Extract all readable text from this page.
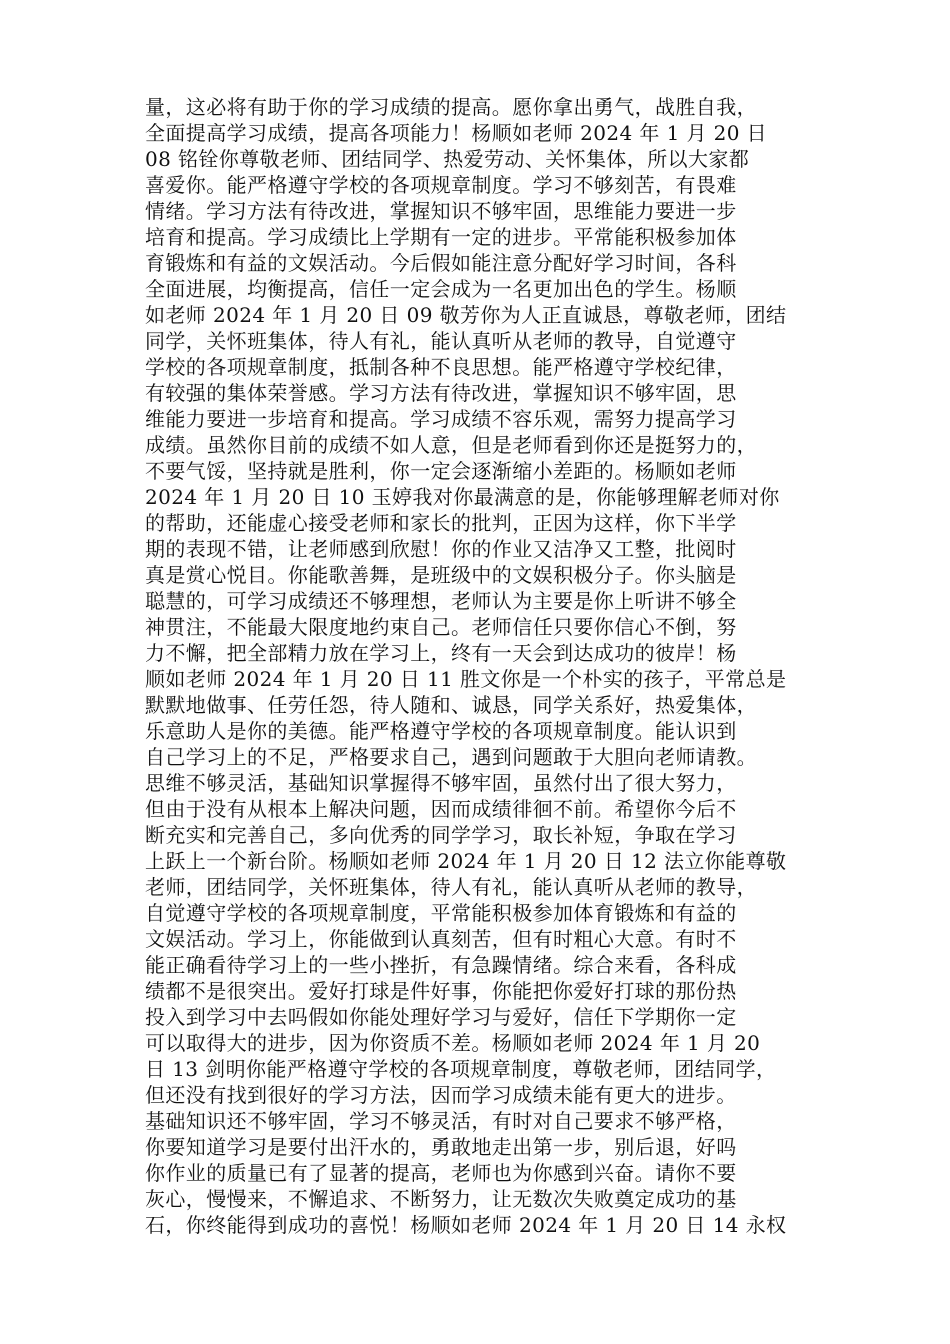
量，这必将有助于你的学习成绩的提高。愿你拿出勇气，战胜自我，
全面提高学习成绩，提高各项能力！杨顺如老师 2024 年 1 月 20 日
08 铭铨你尊敬老师、团结同学、热爱劳动、关怀集体，所以大家都
喜爱你。能严格遵守学校的各项规章制度。学习不够刻苦，有畏难
情绪。学习方法有待改进，掌握知识不够牢固，思维能力要进一步
培育和提高。学习成绩比上学期有一定的进步。平常能积极参加体
育锻炼和有益的文娱活动。今后假如能注意分配好学习时间，各科
全面进展，均衡提高，信任一定会成为一名更加出色的学生。杨顺
如老师 2024 年 1 月 20 日 09 敬芳你为人正直诚恳，尊敬老师，团结
同学，关怀班集体，待人有礼，能认真听从老师的教导，自觉遵守
学校的各项规章制度，抵制各种不良思想。能严格遵守学校纪律，
有较强的集体荣誉感。学习方法有待改进，掌握知识不够牢固，思
维能力要进一步培育和提高。学习成绩不容乐观，需努力提高学习
成绩。虽然你目前的成绩不如人意，但是老师看到你还是挺努力的，
不要气馁，坚持就是胜利，你一定会逐渐缩小差距的。杨顺如老师
2024 年 1 月 20 日 10 玉婷我对你最满意的是，你能够理解老师对你
的帮助，还能虚心接受老师和家长的批判，正因为这样，你下半学
期的表现不错，让老师感到欣慰！你的作业又洁净又工整，批阅时
真是赏心悦目。你能歌善舞，是班级中的文娱积极分子。你头脑是
聪慧的，可学习成绩还不够理想，老师认为主要是你上听讲不够全
神贯注，不能最大限度地约束自己。老师信任只要你信心不倒，努
力不懈，把全部精力放在学习上，终有一天会到达成功的彼岸！杨
顺如老师 2024 年 1 月 20 日 11 胜文你是一个朴实的孩子，平常总是
默默地做事、任劳任怨，待人随和、诚恳，同学关系好，热爱集体，
乐意助人是你的美德。能严格遵守学校的各项规章制度。能认识到
自己学习上的不足，严格要求自己，遇到问题敢于大胆向老师请教。
思维不够灵活，基础知识掌握得不够牢固，虽然付出了很大努力，
但由于没有从根本上解决问题，因而成绩徘徊不前。希望你今后不
断充实和完善自己，多向优秀的同学学习，取长补短，争取在学习
上跃上一个新台阶。杨顺如老师 2024 年 1 月 20 日 12 法立你能尊敬
老师，团结同学，关怀班集体，待人有礼，能认真听从老师的教导，
自觉遵守学校的各项规章制度，平常能积极参加体育锻炼和有益的
文娱活动。学习上，你能做到认真刻苦，但有时粗心大意。有时不
能正确看待学习上的一些小挫折，有急躁情绪。综合来看，各科成
绩都不是很突出。爱好打球是件好事，你能把你爱好打球的那份热
投入到学习中去吗假如你能处理好学习与爱好，信任下学期你一定
可以取得大的进步，因为你资质不差。杨顺如老师 2024 年 1 月 20
日 13 剑明你能严格遵守学校的各项规章制度，尊敬老师，团结同学，
但还没有找到很好的学习方法，因而学习成绩未能有更大的进步。
基础知识还不够牢固，学习不够灵活，有时对自己要求不够严格，
你要知道学习是要付出汗水的，勇敢地走出第一步，别后退，好吗
你作业的质量已有了显著的提高，老师也为你感到兴奋。请你不要
灰心，慢慢来，不懈追求、不断努力，让无数次失败奠定成功的基
石，你终能得到成功的喜悦！杨顺如老师 2024 年 1 月 20 日 14 永权
